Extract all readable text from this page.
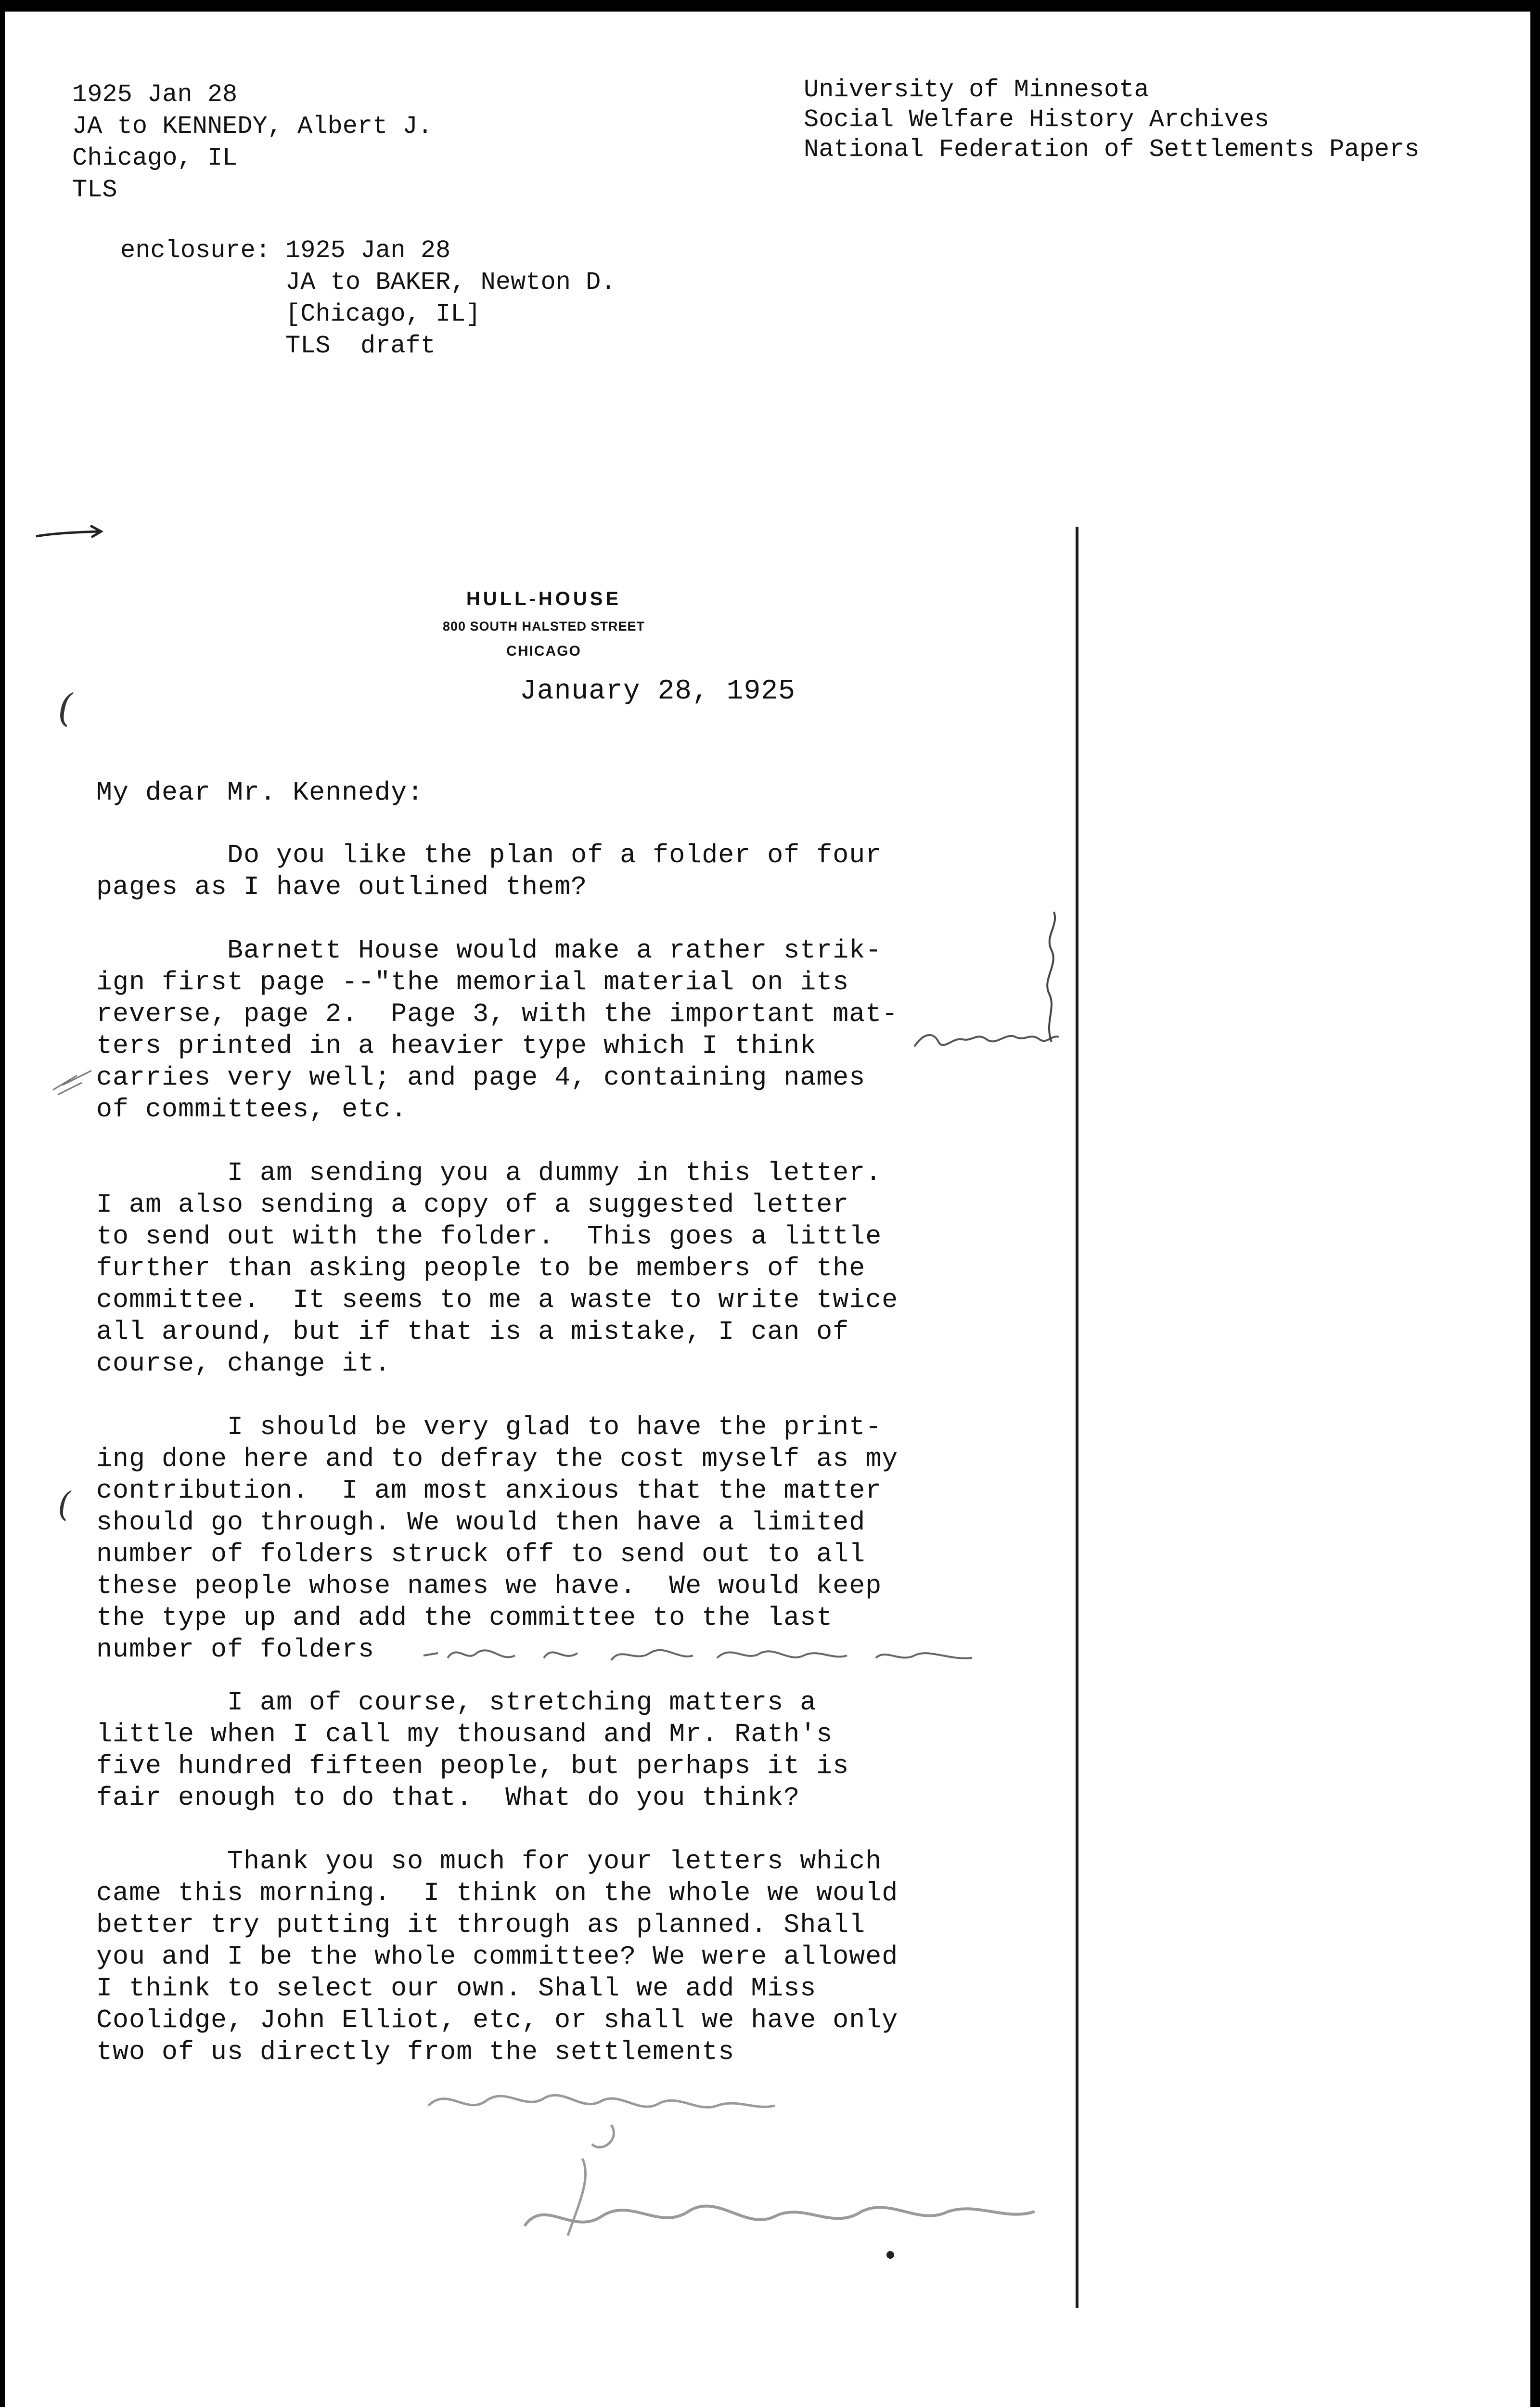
1925 Jan 28

JA to KENNEDY, Albert J.

Chicago, IL

TLS

University of Minnesota

Social Welfare History Archives

National Federation of Settlements Papers

enclosure:

1925 Jan 28

JA to BAKER, Newton D.

[Chicago, IL]

TLS  draft

HULL-HOUSE
800 SOUTH HALSTED STREET
CHICAGO
January 28, 1925
(
(
My dear Mr. Kennedy:

Do you like the plan of a folder of four

pages as I have outlined them?

Barnett House would make a rather strik-

ign first page --"the memorial material on its

reverse, page 2.  Page 3, with the important mat-

ters printed in a heavier type which I think

carries very well; and page 4, containing names

of committees, etc.

I am sending you a dummy in this letter.

I am also sending a copy of a suggested letter

to send out with the folder.  This goes a little

further than asking people to be members of the

committee.  It seems to me a waste to write twice

all around, but if that is a mistake, I can of

course, change it.

I should be very glad to have the print-

ing done here and to defray the cost myself as my

contribution.  I am most anxious that the matter

should go through. We would then have a limited

number of folders struck off to send out to all

these people whose names we have.  We would keep

the type up and add the committee to the last

number of folders

I am of course, stretching matters a

little when I call my thousand and Mr. Rath's

five hundred fifteen people, but perhaps it is

fair enough to do that.  What do you think?

Thank you so much for your letters which

came this morning.  I think on the whole we would

better try putting it through as planned. Shall

you and I be the whole committee? We were allowed

I think to select our own. Shall we add Miss

Coolidge, John Elliot, etc, or shall we have only

two of us directly from the settlements
